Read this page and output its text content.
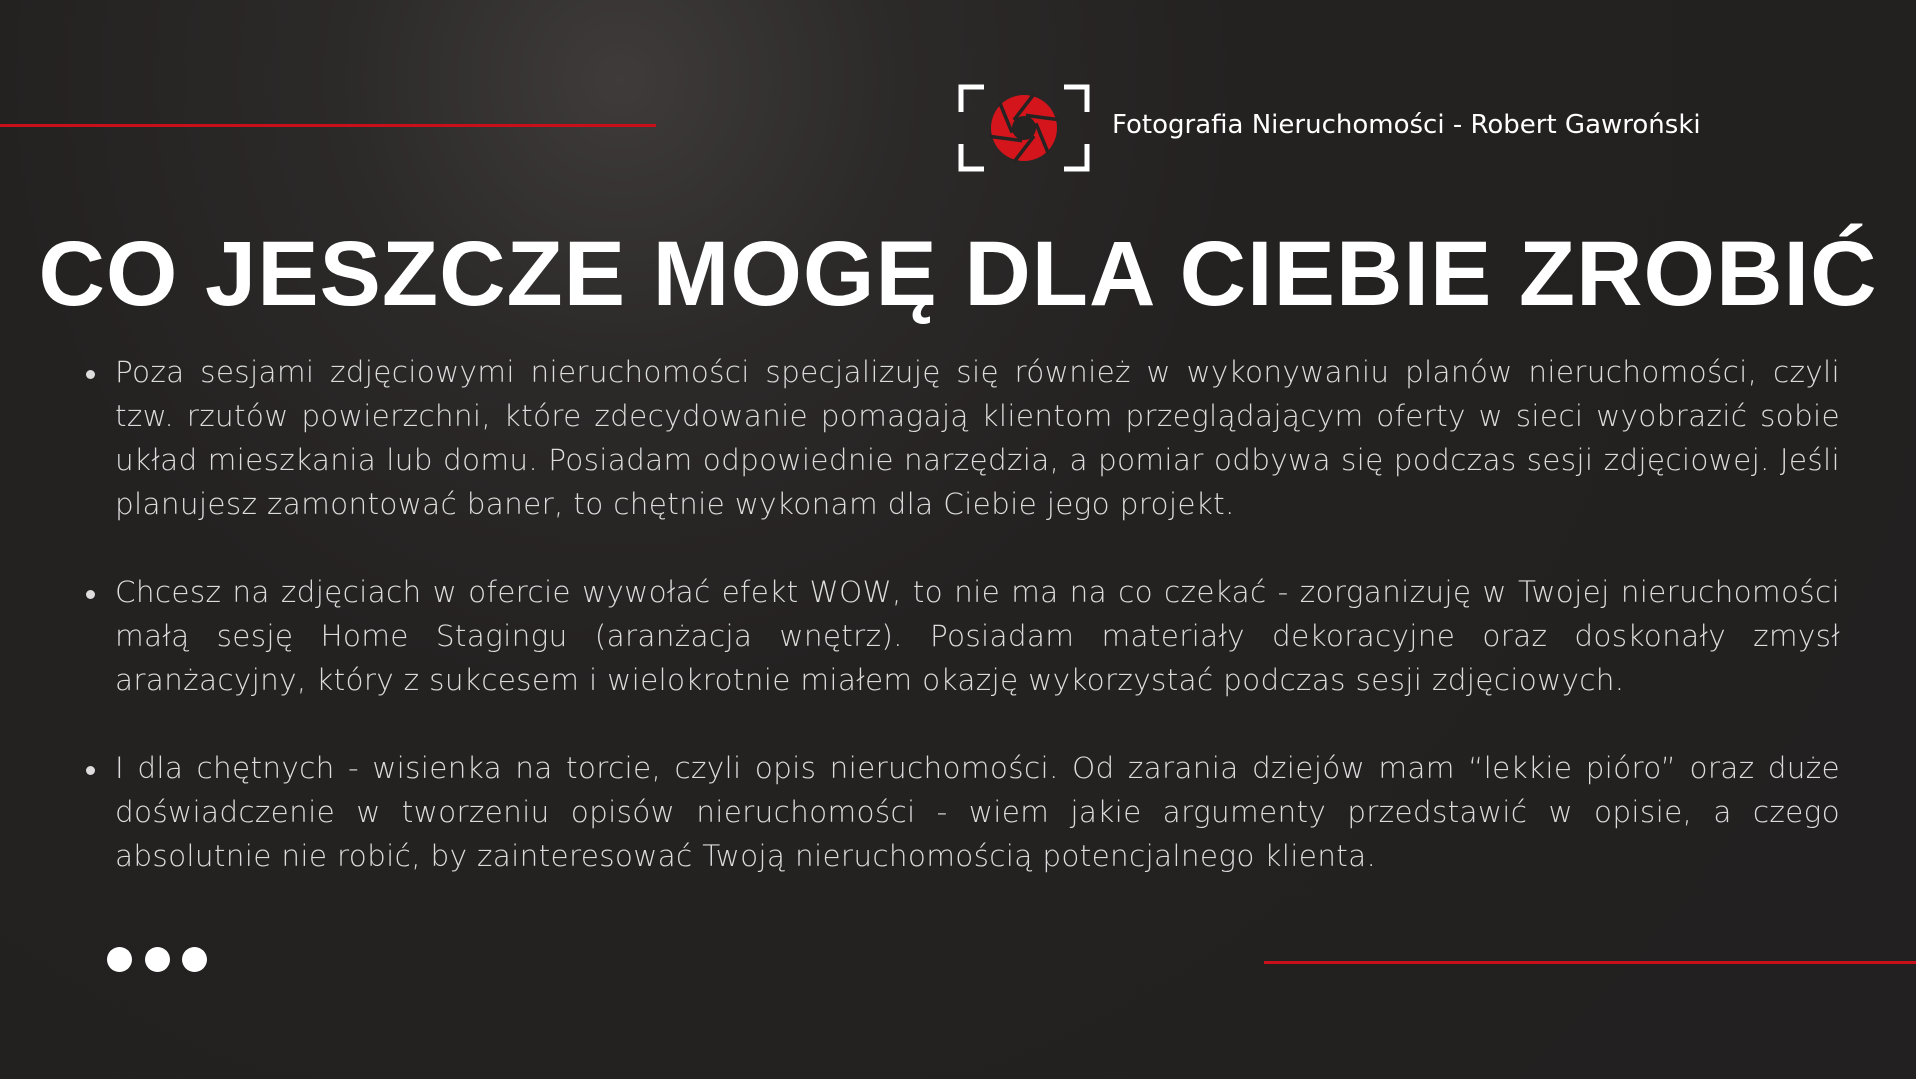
Fotografia Nieruchomości - Robert Gawroński
CO JESZCZE MOGĘ DLA CIEBIE ZROBIĆ
Poza sesjami zdjęciowymi nieruchomości specjalizuję się również w wykonywaniu planów nieruchomości, czyli tzw. rzutów powierzchni, które zdecydowanie pomagają klientom przeglądającym oferty w sieci wyobrazić sobie układ mieszkania lub domu. Posiadam odpowiednie narzędzia, a pomiar odbywa się podczas sesji zdjęciowej. Jeśli planujesz zamontować baner, to chętnie wykonam dla Ciebie jego projekt.
Chcesz na zdjęciach w ofercie wywołać efekt WOW, to nie ma na co czekać - zorganizuję w Twojej nieruchomości małą sesję Home Stagingu (aranżacja wnętrz). Posiadam materiały dekoracyjne oraz doskonały zmysł aranżacyjny, który z sukcesem i wielokrotnie miałem okazję wykorzystać podczas sesji zdjęciowych.
I dla chętnych - wisienka na torcie, czyli opis nieruchomości. Od zarania dziejów mam “lekkie pióro” oraz duże doświadczenie w tworzeniu opisów nieruchomości - wiem jakie argumenty przedstawić w opisie, a czego absolutnie nie robić, by zainteresować Twoją nieruchomością potencjalnego klienta.
